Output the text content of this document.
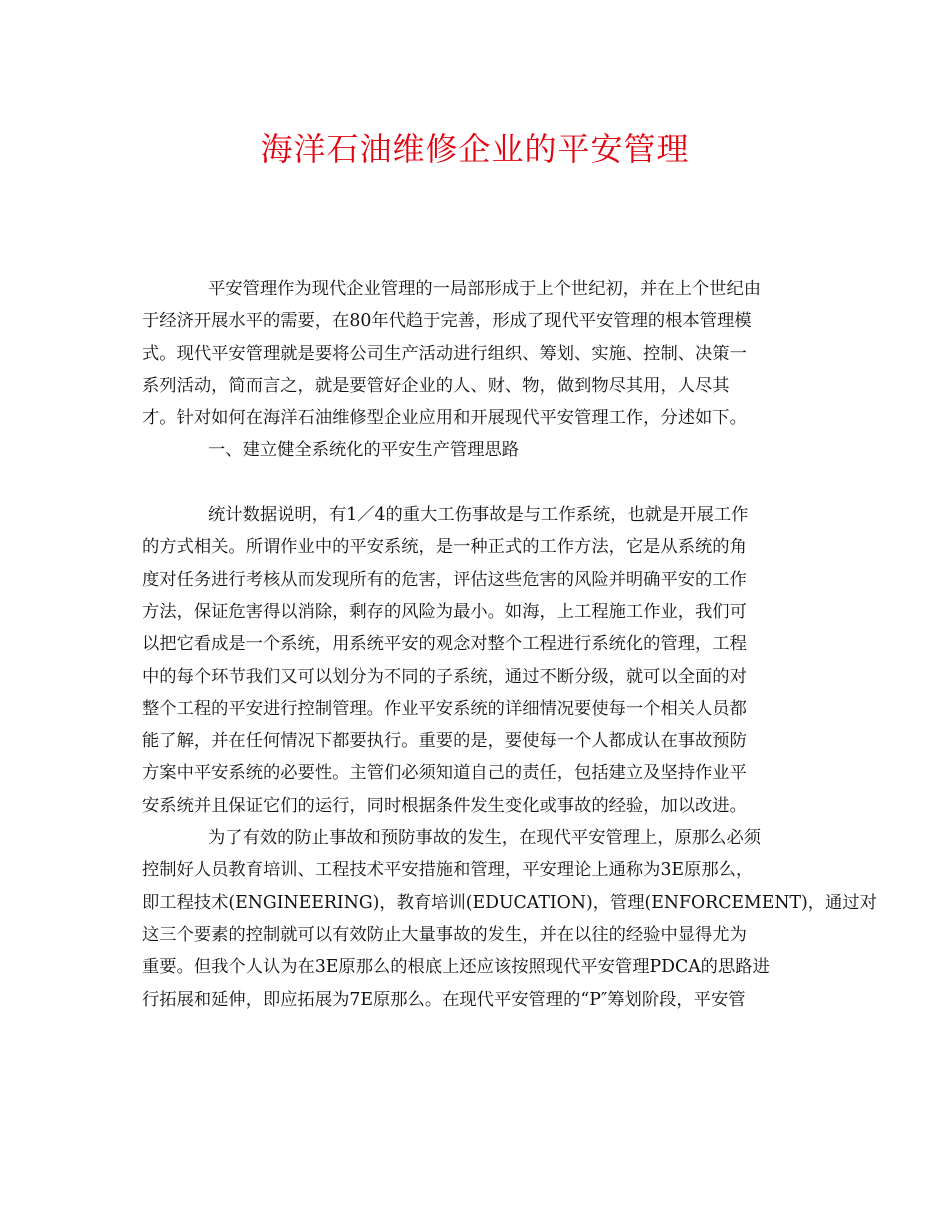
海洋石油维修企业的平安管理
平安管理作为现代企业管理的一局部形成于上个世纪初，并在上个世纪由
于经济开展水平的需要，在80年代趋于完善，形成了现代平安管理的根本管理模
式。现代平安管理就是要将公司生产活动进行组织、筹划、实施、控制、决策一
系列活动，简而言之，就是要管好企业的人、财、物，做到物尽其用，人尽其
才。针对如何在海洋石油维修型企业应用和开展现代平安管理工作，分述如下。
一、建立健全系统化的平安生产管理思路
统计数据说明，有1／4的重大工伤事故是与工作系统，也就是开展工作
的方式相关。所谓作业中的平安系统，是一种正式的工作方法，它是从系统的角
度对任务进行考核从而发现所有的危害，评估这些危害的风险并明确平安的工作
方法，保证危害得以消除，剩存的风险为最小。如海，上工程施工作业，我们可
以把它看成是一个系统，用系统平安的观念对整个工程进行系统化的管理，工程
中的每个环节我们又可以划分为不同的子系统，通过不断分级，就可以全面的对
整个工程的平安进行控制管理。作业平安系统的详细情况要使每一个相关人员都
能了解，并在任何情况下都要执行。重要的是，要使每一个人都成认在事故预防
方案中平安系统的必要性。主管们必须知道自己的责任，包括建立及坚持作业平
安系统并且保证它们的运行，同时根据条件发生变化或事故的经验，加以改进。
为了有效的防止事故和预防事故的发生，在现代平安管理上，原那么必须
控制好人员教育培训、工程技术平安措施和管理，平安理论上通称为3E原那么，
即工程技术(ENGINEERING)，教育培训(EDUCATION)，管理(ENFORCEMENT)，通过对
这三个要素的控制就可以有效防止大量事故的发生，并在以往的经验中显得尤为
重要。但我个人认为在3E原那么的根底上还应该按照现代平安管理PDCA的思路进
行拓展和延伸，即应拓展为7E原那么。在现代平安管理的“P″筹划阶段，平安管
